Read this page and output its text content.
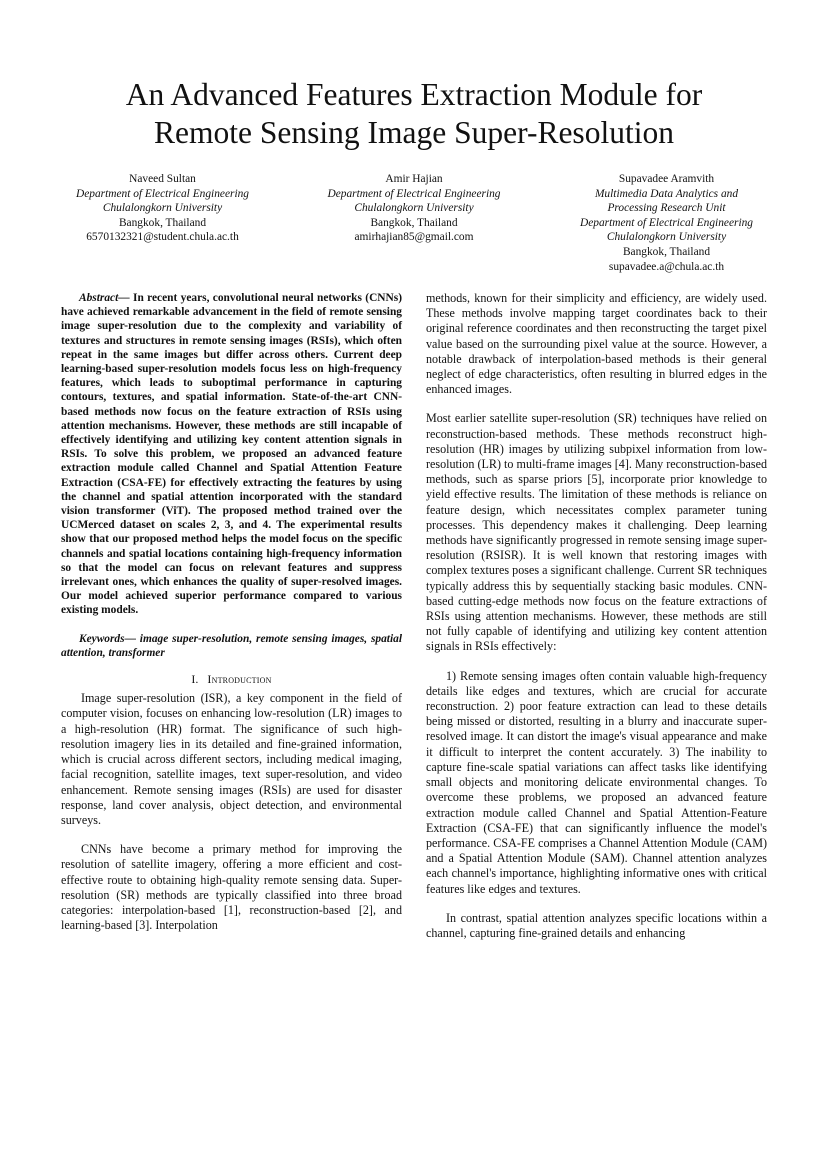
An Advanced Features Extraction Module for
Remote Sensing Image Super-Resolution
Naveed Sultan
Department of Electrical Engineering
Chulalongkorn University
Bangkok, Thailand
6570132321@student.chula.ac.th
Amir Hajian
Department of Electrical Engineering
Chulalongkorn University
Bangkok, Thailand
amirhajian85@gmail.com
Supavadee Aramvith
Multimedia Data Analytics and
Processing Research Unit
Department of Electrical Engineering
Chulalongkorn University
Bangkok, Thailand
supavadee.a@chula.ac.th

Abstract— In recent years, convolutional neural networks (CNNs) have achieved remarkable advancement in the field of remote sensing image super-resolution due to the complexity and variability of textures and structures in remote sensing images (RSIs), which often repeat in the same images but differ across others. Current deep learning-based super-resolution models focus less on high-frequency features, which leads to suboptimal performance in capturing contours, textures, and spatial information. State-of-the-art CNN-based methods now focus on the feature extraction of RSIs using attention mechanisms. However, these methods are still incapable of effectively identifying and utilizing key content attention signals in RSIs. To solve this problem, we proposed an advanced feature extraction module called Channel and Spatial Attention Feature Extraction (CSA-FE) for effectively extracting the features by using the channel and spatial attention incorporated with the standard vision transformer (ViT). The proposed method trained over the UCMerced dataset on scales 2, 3, and 4. The experimental results show that our proposed method helps the model focus on the specific channels and spatial locations containing high-frequency information so that the model can focus on relevant features and suppress irrelevant ones, which enhances the quality of super-resolved images. Our model achieved superior performance compared to various existing models.

Keywords— image super-resolution, remote sensing images, spatial attention, transformer

I. Introduction

Image super-resolution (ISR), a key component in the field of computer vision, focuses on enhancing low-resolution (LR) images to a high-resolution (HR) format. The significance of such high-resolution imagery lies in its detailed and fine-grained information, which is crucial across different sectors, including medical imaging, facial recognition, satellite images, text super-resolution, and video enhancement. Remote sensing images (RSIs) are used for disaster response, land cover analysis, object detection, and environmental surveys.

CNNs have become a primary method for improving the resolution of satellite imagery, offering a more efficient and cost-effective route to obtaining high-quality remote sensing data. Super-resolution (SR) methods are typically classified into three broad categories: interpolation-based [1], reconstruction-based [2], and learning-based [3]. Interpolation

methods, known for their simplicity and efficiency, are widely used. These methods involve mapping target coordinates back to their original reference coordinates and then reconstructing the target pixel value based on the surrounding pixel value at the source. However, a notable drawback of interpolation-based methods is their general neglect of edge characteristics, often resulting in blurred edges in the enhanced images.

Most earlier satellite super-resolution (SR) techniques have relied on reconstruction-based methods. These methods reconstruct high-resolution (HR) images by utilizing subpixel information from low-resolution (LR) to multi-frame images [4]. Many reconstruction-based methods, such as sparse priors [5], incorporate prior knowledge to yield effective results. The limitation of these methods is reliance on feature design, which necessitates complex parameter tuning processes. This dependency makes it challenging. Deep learning methods have significantly progressed in remote sensing image super-resolution (RSISR). It is well known that restoring images with complex textures poses a significant challenge. Current SR techniques typically address this by sequentially stacking basic modules. CNN-based cutting-edge methods now focus on the feature extractions of RSIs using attention mechanisms. However, these methods are still not fully capable of identifying and utilizing key content attention signals in RSIs effectively:

1) Remote sensing images often contain valuable high-frequency details like edges and textures, which are crucial for accurate reconstruction. 2) poor feature extraction can lead to these details being missed or distorted, resulting in a blurry and inaccurate super-resolved image. It can distort the image's visual appearance and make it difficult to interpret the content accurately. 3) The inability to capture fine-scale spatial variations can affect tasks like identifying small objects and monitoring delicate environmental changes. To overcome these problems, we proposed an advanced feature extraction module called Channel and Spatial Attention-Feature Extraction (CSA-FE) that can significantly influence the model's performance. CSA-FE comprises a Channel Attention Module (CAM) and a Spatial Attention Module (SAM). Channel attention analyzes each channel's importance, highlighting informative ones with critical features like edges and textures.

In contrast, spatial attention analyzes specific locations within a channel, capturing fine-grained details and enhancing
